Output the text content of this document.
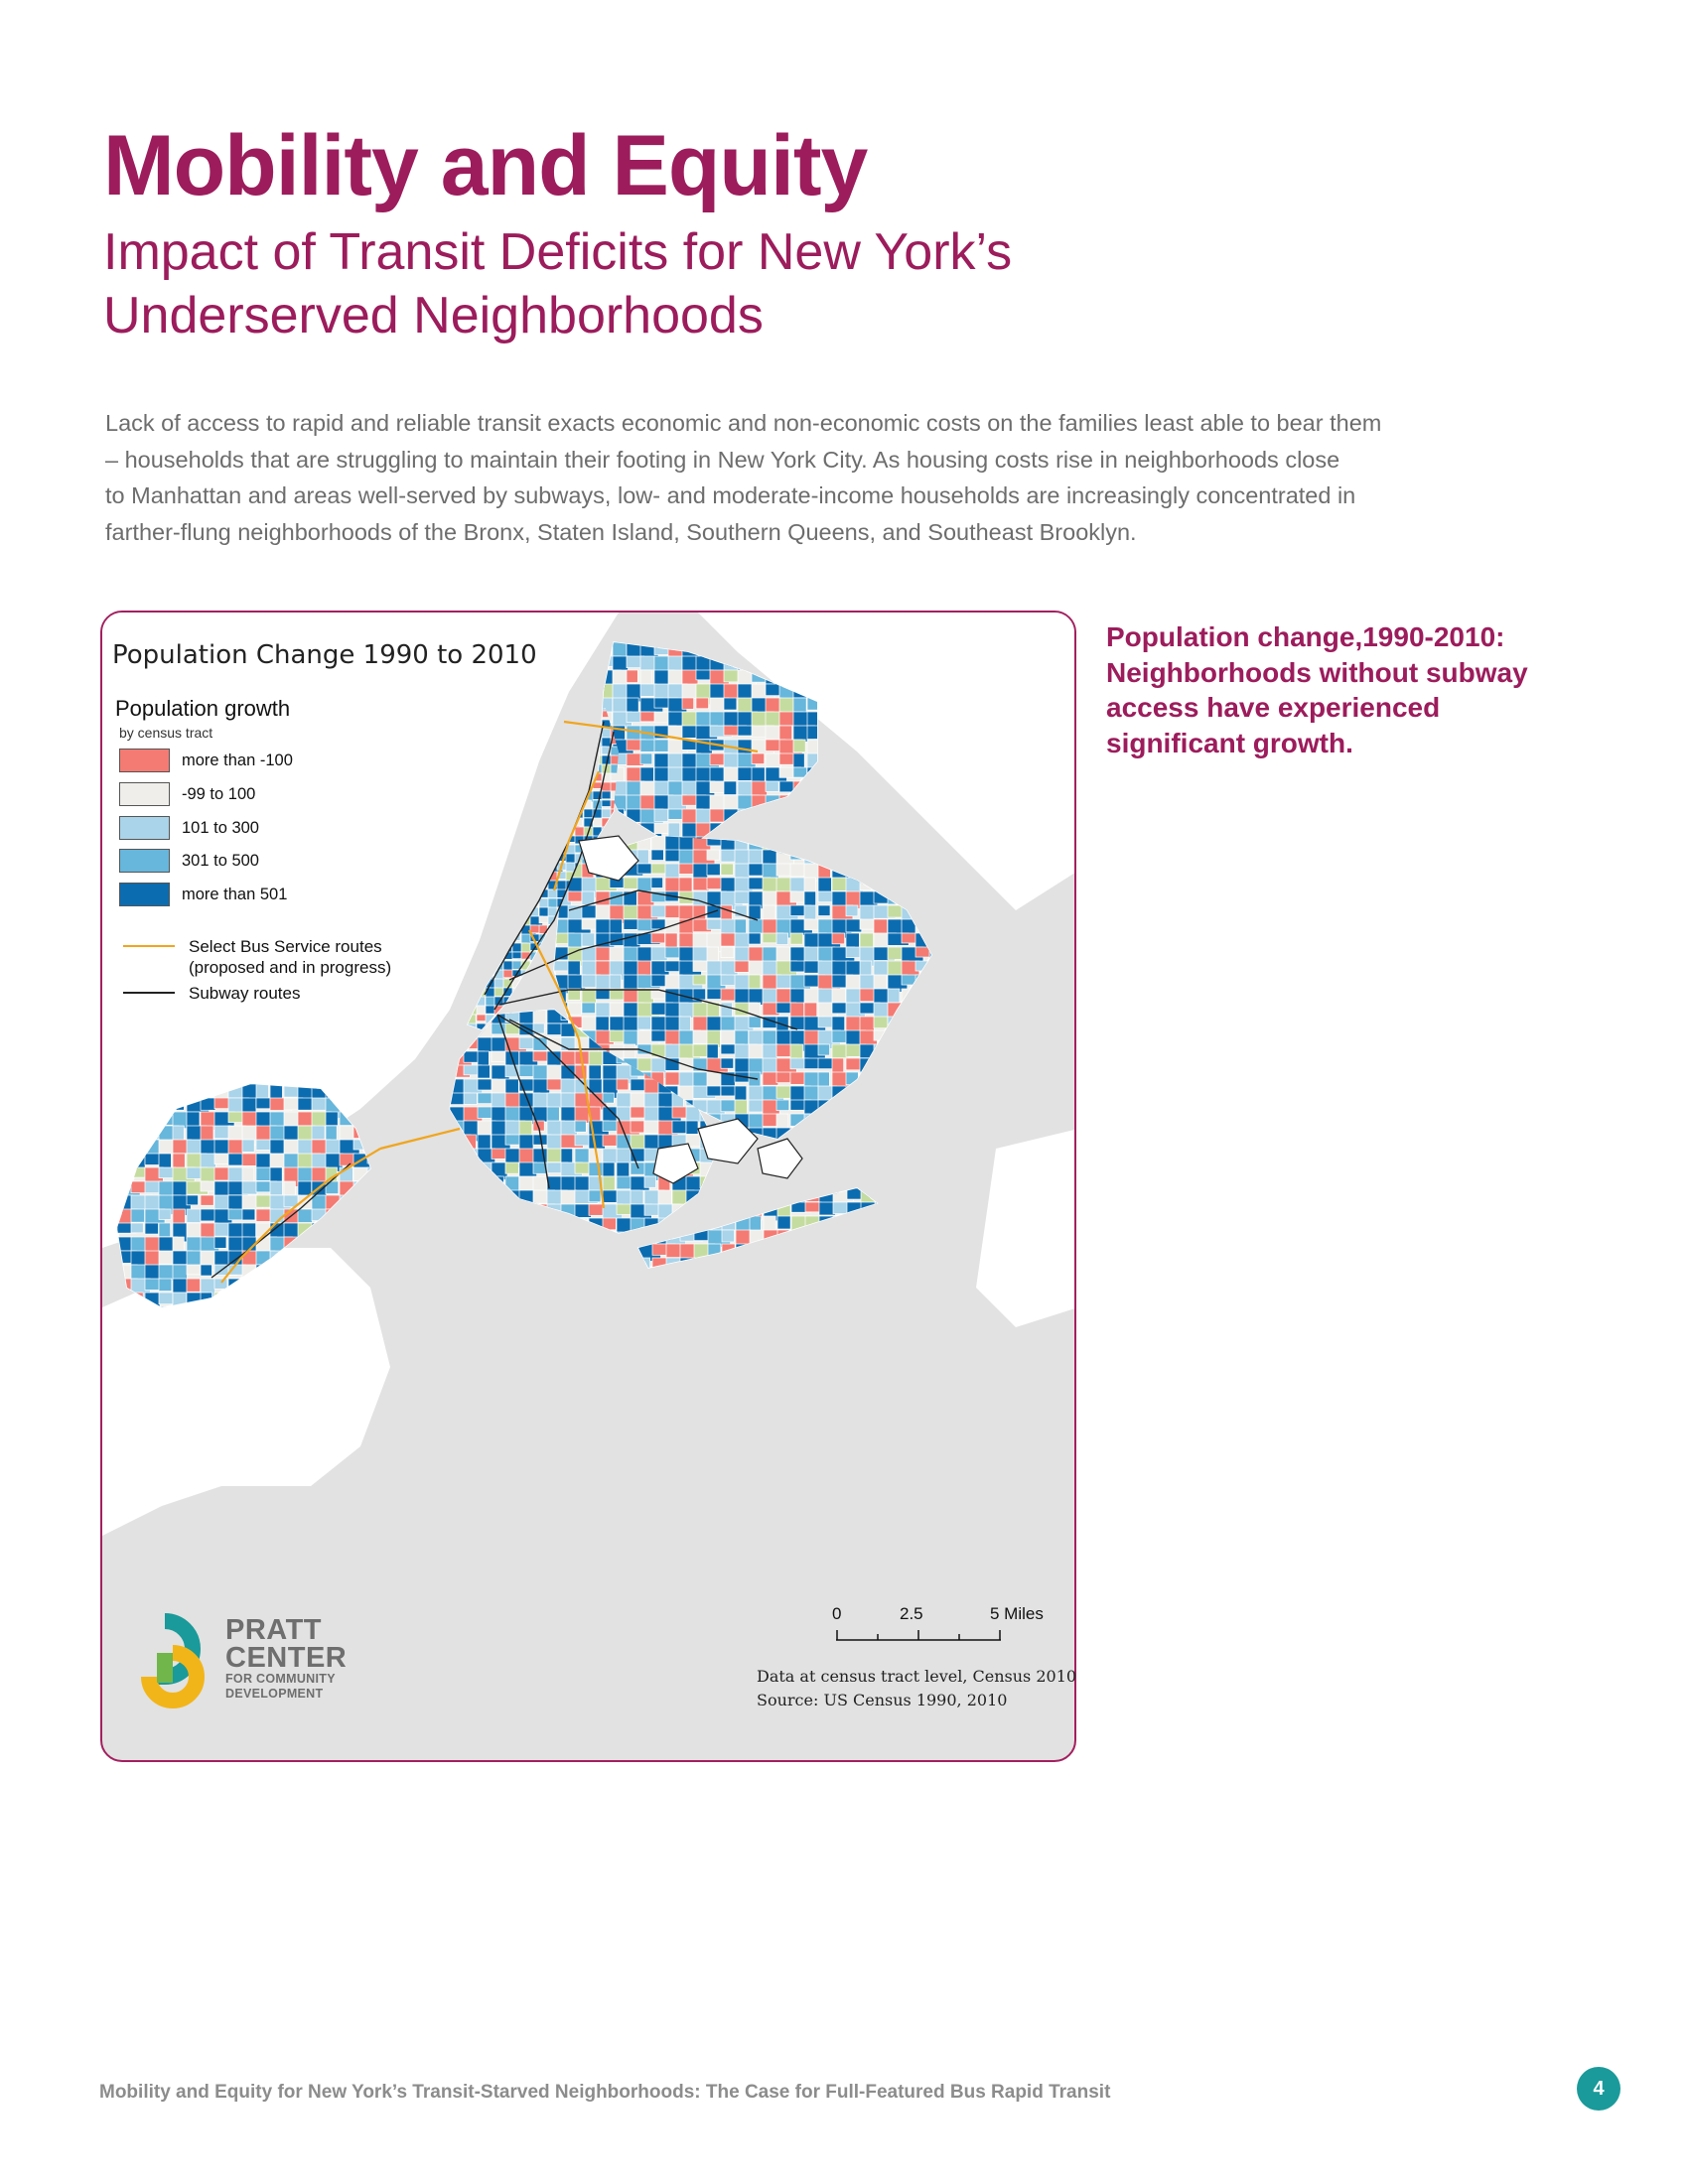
Mobility and Equity
Impact of Transit Deficits for New York’s
Underserved Neighborhoods
Lack of access to rapid and reliable transit exacts economic and non-economic costs on the families least able to bear them
– households that are struggling to maintain their footing in New York City. As housing costs rise in neighborhoods close
to Manhattan and areas well-served by subways, low- and moderate-income households are increasingly concentrated in
farther-flung neighborhoods of the Bronx, Staten Island, Southern Queens, and Southeast Brooklyn.
Population Change 1990 to 2010
Population growth
by census tract
more than -100
-99 to 100
101 to 300
301 to 500
more than 501
Select Bus Service routes
(proposed and in progress)
Subway routes
0	2.5	5 Miles
Data at census tract level, Census 2010
Source: US Census 1990, 2010
PRATT
CENTER
FOR COMMUNITY
DEVELOPMENT
Population change,1990-2010:
Neighborhoods without subway
access have experienced
significant growth.
Mobility and Equity for New York’s Transit-Starved Neighborhoods: The Case for Full-Featured Bus Rapid Transit	4
